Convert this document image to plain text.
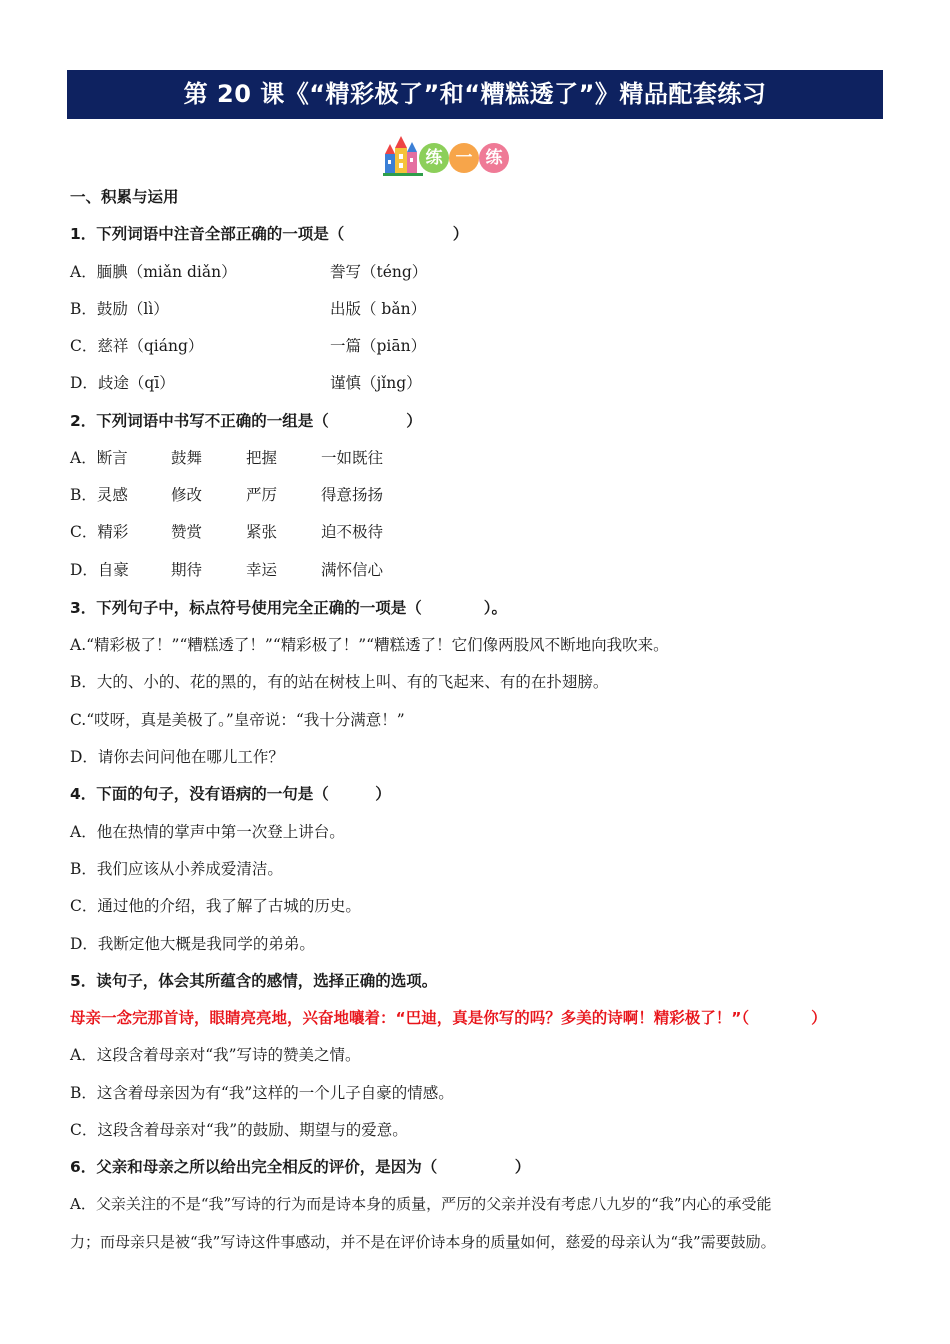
第 20 课《“精彩极了”和“糟糕透了”》精品配套练习
练 一 练
一、积累与运用
1．下列词语中注音全部正确的一项是（　　　　　　　）
A．腼腆（miǎn diǎn）	誊写（téng）
B．鼓励（lì）	出版（ bǎn）
C．慈祥（qiáng）	一篇（piān）
D．歧途（qī）	谨慎（jǐng）
2．下列词语中书写不正确的一组是（　　　　　）
A．断言	鼓舞	把握	一如既往
B．灵感	修改	严厉	得意扬扬
C．精彩	赞赏	紧张	迫不极待
D．自豪	期待	幸运	满怀信心
3．下列句子中，标点符号使用完全正确的一项是（　　　　）。
A.“精彩极了！”“糟糕透了！”“精彩极了！”“糟糕透了！它们像两股风不断地向我吹来。
B．大的、小的、花的黑的，有的站在树枝上叫、有的飞起来、有的在扑翅膀。
C.“哎呀，真是美极了。”皇帝说：“我十分满意！”
D．请你去问问他在哪儿工作？
4．下面的句子，没有语病的一句是（　　　）
A．他在热情的掌声中第一次登上讲台。
B．我们应该从小养成爱清洁。
C．通过他的介绍，我了解了古城的历史。
D．我断定他大概是我同学的弟弟。
5．读句子，体会其所蕴含的感情，选择正确的选项。
母亲一念完那首诗，眼睛亮亮地，兴奋地嚷着：“巴迪，真是你写的吗？多美的诗啊！精彩极了！”（　　　　）
A．这段含着母亲对“我”写诗的赞美之情。
B．这含着母亲因为有“我”这样的一个儿子自豪的情感。
C．这段含着母亲对“我”的鼓励、期望与的爱意。
6．父亲和母亲之所以给出完全相反的评价，是因为（　　　　　）
A．父亲关注的不是“我”写诗的行为而是诗本身的质量，严厉的父亲并没有考虑八九岁的“我”内心的承受能
力；而母亲只是被“我”写诗这件事感动，并不是在评价诗本身的质量如何，慈爱的母亲认为“我”需要鼓励。
